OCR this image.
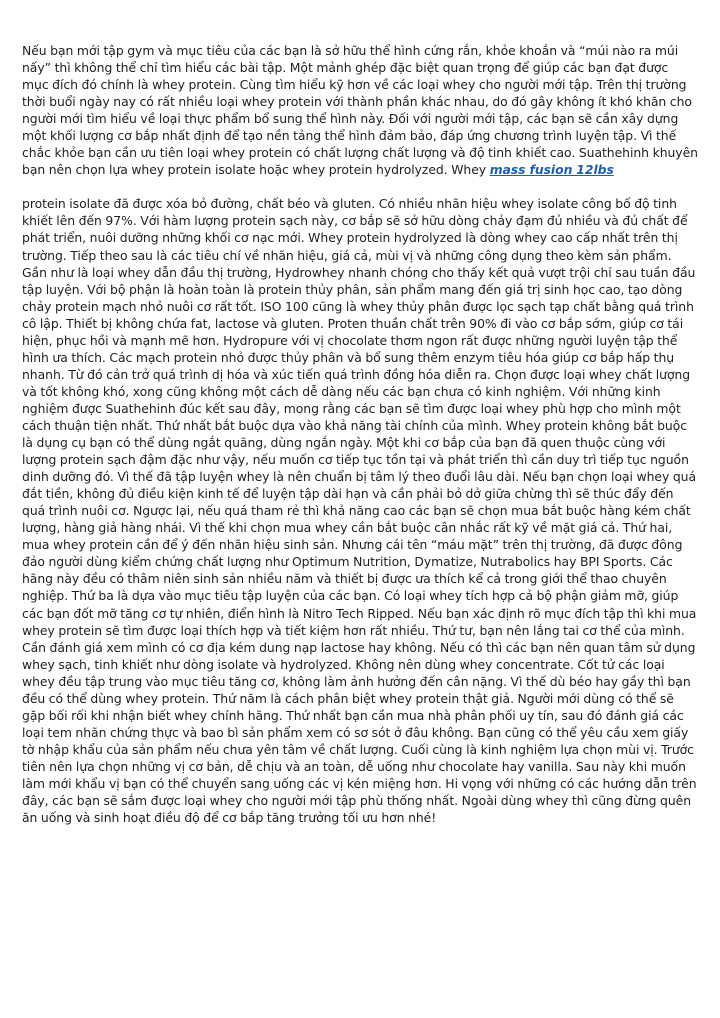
Nếu bạn mới tập gym và mục tiêu của các bạn là sở hữu thể hình cứng rắn, khỏe khoắn và “múi nào ra múi nấy” thì không thể chỉ tìm hiểu các bài tập. Một mảnh ghép đặc biệt quan trọng để giúp các bạn đạt được mục đích đó chính là whey protein. Cùng tìm hiểu kỹ hơn về các loại whey cho người mới tập. Trên thị trường thời buổi ngày nay có rất nhiều loại whey protein với thành phần khác nhau, do đó gây không ít khó khăn cho người mới tìm hiểu về loại thực phẩm bổ sung thể hình này. Đối với người mới tập, các bạn sẽ cần xây dựng một khối lượng cơ bắp nhất định để tạo nền tảng thể hình đảm bảo, đáp ứng chương trình luyện tập. Vì thế chắc khỏe bạn cần ưu tiên loại whey protein có chất lượng chất lượng và độ tinh khiết cao. Suathehinh khuyên bạn nên chọn lựa whey protein isolate hoặc whey protein hydrolyzed. Whey mass fusion 12lbs

protein isolate đã được xóa bỏ đường, chất béo và gluten. Có nhiều nhãn hiệu whey isolate công bố độ tinh khiết lên đến 97%. Với hàm lượng protein sạch này, cơ bắp sẽ sở hữu dòng chảy đạm đủ nhiều và đủ chất để phát triển, nuôi dưỡng những khối cơ nạc mới. Whey protein hydrolyzed là dòng whey cao cấp nhất trên thị trường. Tiếp theo sau là các tiêu chí về nhãn hiệu, giá cả, mùi vị và những công dụng theo kèm sản phẩm. Gần như là loại whey dẫn đầu thị trường, Hydrowhey nhanh chóng cho thấy kết quả vượt trội chỉ sau tuần đầu tập luyện. Với bộ phận là hoàn toàn là protein thủy phân, sản phẩm mang đến giá trị sinh học cao, tạo dòng chảy protein mạch nhỏ nuôi cơ rất tốt. ISO 100 cũng là whey thủy phân được lọc sạch tạp chất bằng quá trình cô lập. Thiết bị không chứa fat, lactose và gluten. Proten thuần chất trên 90% đi vào cơ bắp sớm, giúp cơ tái hiện, phục hồi và mạnh mẽ hơn. Hydropure với vị chocolate thơm ngon rất được những người luyện tập thể hình ưa thích. Các mạch protein nhỏ được thủy phân và bổ sung thêm enzym tiêu hóa giúp cơ bắp hấp thụ nhanh. Từ đó cản trở quá trình dị hóa và xúc tiến quá trình đồng hóa diễn ra. Chọn được loại whey chất lượng và tốt không khó, xong cũng không một cách dễ dàng nếu các bạn chưa có kinh nghiệm. Với những kinh nghiệm được Suathehinh đúc kết sau đây, mong rằng các bạn sẽ tìm được loại whey phù hợp cho mình một cách thuận tiện nhất. Thứ nhất bắt buộc dựa vào khả năng tài chính của mình. Whey protein không bắt buộc là dụng cụ bạn có thể dùng ngắt quãng, dùng ngắn ngày. Một khi cơ bắp của bạn đã quen thuộc cùng với lượng protein sạch đậm đặc như vậy, nếu muốn cơ tiếp tục tồn tại và phát triển thì cần duy trì tiếp tục nguồn dinh dưỡng đó. Vì thế đã tập luyện whey là nên chuẩn bị tâm lý theo đuổi lâu dài. Nếu bạn chọn loại whey quá đắt tiền, không đủ điều kiện kinh tế để luyện tập dài hạn và cần phải bỏ dở giữa chừng thì sẽ thúc đẩy đến quá trình nuôi cơ. Ngược lại, nếu quá tham rẻ thì khả năng cao các bạn sẽ chọn mua bắt buộc hàng kém chất lượng, hàng giả hàng nhái. Vì thế khi chọn mua whey cần bắt buộc cân nhắc rất kỹ về mặt giá cả. Thứ hai, mua whey protein cần để ý đến nhãn hiệu sinh sản. Nhưng cái tên “máu mặt” trên thị trường, đã được đông đảo người dùng kiểm chứng chất lượng như Optimum Nutrition, Dymatize, Nutrabolics hay BPI Sports. Các hãng này đều có thâm niên sinh sản nhiều năm và thiết bị được ưa thích kể cả trong giới thể thao chuyên nghiệp. Thứ ba là dựa vào mục tiêu tập luyện của các bạn. Có loại whey tích hợp cả bộ phận giảm mỡ, giúp các bạn đốt mỡ tăng cơ tự nhiên, điển hình là Nitro Tech Ripped. Nếu bạn xác định rõ mục đích tập thì khi mua whey protein sẽ tìm được loại thích hợp và tiết kiệm hơn rất nhiều. Thứ tư, bạn nên lắng tai cơ thể của mình. Cần đánh giá xem mình có cơ địa kém dung nạp lactose hay không. Nếu có thì các bạn nên quan tâm sử dụng whey sạch, tinh khiết như dòng isolate và hydrolyzed. Không nên dùng whey concentrate. Cốt tử các loại whey đều tập trung vào mục tiêu tăng cơ, không làm ảnh hưởng đến cân nặng. Vì thế dù béo hay gầy thì bạn đều có thể dùng whey protein. Thứ năm là cách phân biệt whey protein thật giả. Người mới dùng có thể sẽ gặp bối rối khi nhận biết whey chính hãng. Thứ nhất bạn cần mua nhà phân phối uy tín, sau đó đánh giá các loại tem nhãn chứng thực và bao bì sản phẩm xem có sơ sót ở đâu không. Bạn cũng có thể yêu cầu xem giấy tờ nhập khẩu của sản phẩm nếu chưa yên tâm về chất lượng. Cuối cùng là kinh nghiệm lựa chọn mùi vị. Trước tiên nên lựa chọn những vị cơ bản, dễ chịu và an toàn, dễ uống như chocolate hay vanilla. Sau này khi muốn làm mới khẩu vị bạn có thể chuyển sang uống các vị kén miệng hơn. Hi vọng với những có các hướng dẫn trên đây, các bạn sẽ sắm được loại whey cho người mới tập phù thống nhất. Ngoài dùng whey thì cũng đừng quên ăn uống và sinh hoạt điều độ để cơ bắp tăng trưởng tối ưu hơn nhé!
